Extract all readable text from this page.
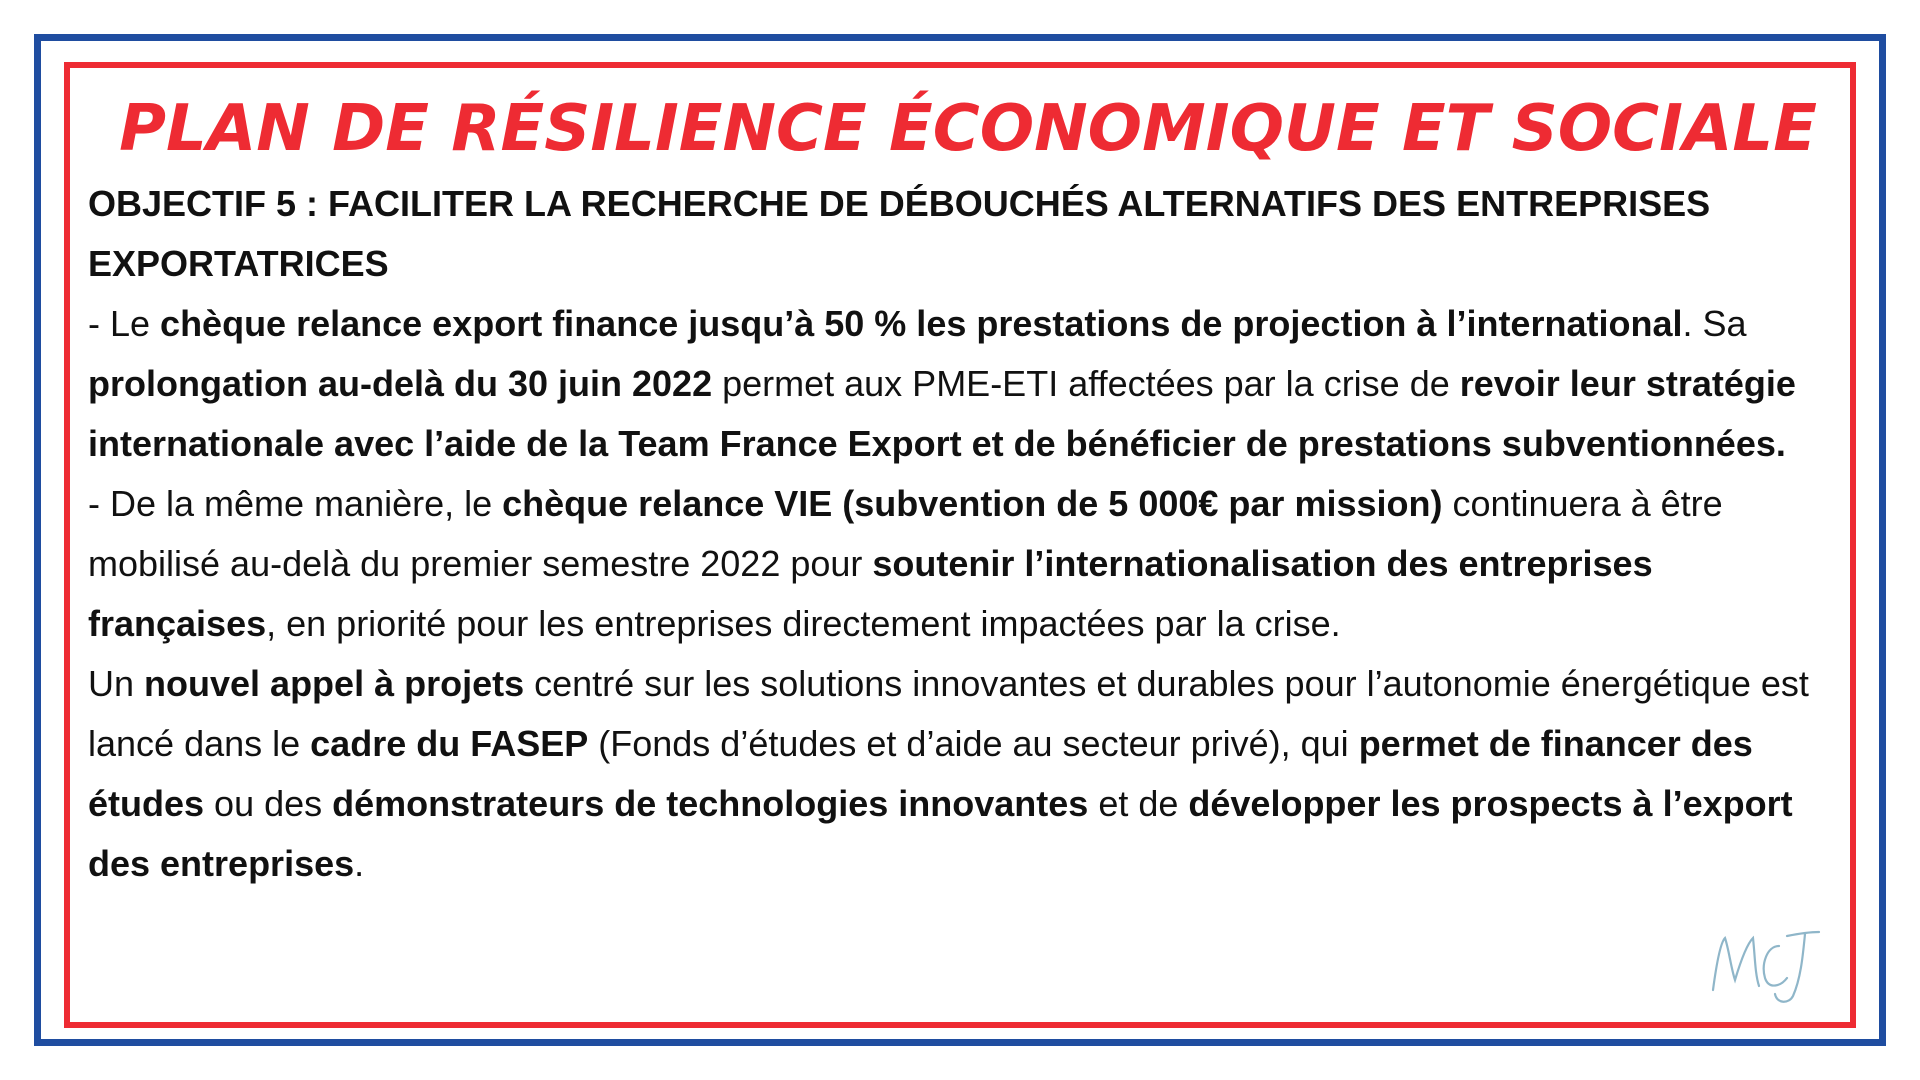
PLAN DE RÉSILIENCE ÉCONOMIQUE ET SOCIALE

OBJECTIF 5 : FACILITER LA RECHERCHE DE DÉBOUCHÉS ALTERNATIFS DES ENTREPRISES EXPORTATRICES

- Le chèque relance export finance jusqu’à 50 % les prestations de projection à l’international. Sa prolongation au-delà du 30 juin 2022 permet aux PME-ETI affectées par la crise de revoir leur stratégie internationale avec l’aide de la Team France Export et de bénéficier de prestations subventionnées.

- De la même manière, le chèque relance VIE (subvention de 5 000€ par mission) continuera à être mobilisé au-delà du premier semestre 2022 pour soutenir l’internationalisation des entreprises françaises, en priorité pour les entreprises directement impactées par la crise.

Un nouvel appel à projets centré sur les solutions innovantes et durables pour l’autonomie énergétique est lancé dans le cadre du FASEP (Fonds d’études et d’aide au secteur privé), qui permet de financer des études ou des démonstrateurs de technologies innovantes et de développer les prospects à l’export des entreprises.
